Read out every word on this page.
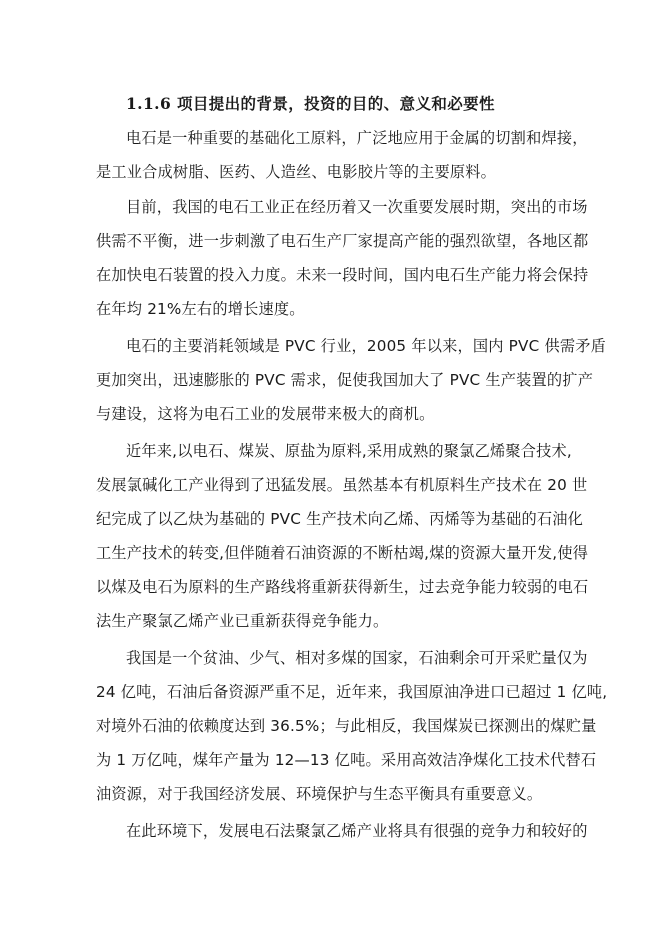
1.1.6 项目提出的背景，投资的目的、意义和必要性
电石是一种重要的基础化工原料，广泛地应用于金属的切割和焊接，
是工业合成树脂、医药、人造丝、电影胶片等的主要原料。
目前，我国的电石工业正在经历着又一次重要发展时期，突出的市场
供需不平衡，进一步刺激了电石生产厂家提高产能的强烈欲望，各地区都
在加快电石装置的投入力度。未来一段时间，国内电石生产能力将会保持
在年均 21%左右的增长速度。
电石的主要消耗领域是 PVC 行业，2005 年以来，国内 PVC 供需矛盾
更加突出，迅速膨胀的 PVC 需求，促使我国加大了 PVC 生产装置的扩产
与建设，这将为电石工业的发展带来极大的商机。
近年来,以电石、煤炭、原盐为原料,采用成熟的聚氯乙烯聚合技术,
发展氯碱化工产业得到了迅猛发展。虽然基本有机原料生产技术在 20 世
纪完成了以乙炔为基础的 PVC 生产技术向乙烯、丙烯等为基础的石油化
工生产技术的转变,但伴随着石油资源的不断枯竭,煤的资源大量开发,使得
以煤及电石为原料的生产路线将重新获得新生，过去竞争能力较弱的电石
法生产聚氯乙烯产业已重新获得竞争能力。
我国是一个贫油、少气、相对多煤的国家，石油剩余可开采贮量仅为
24 亿吨，石油后备资源严重不足，近年来，我国原油净进口已超过 1 亿吨,
对境外石油的依赖度达到 36.5%；与此相反，我国煤炭已探测出的煤贮量
为 1 万亿吨，煤年产量为 12—13 亿吨。采用高效洁净煤化工技术代替石
油资源，对于我国经济发展、环境保护与生态平衡具有重要意义。
在此环境下，发展电石法聚氯乙烯产业将具有很强的竞争力和较好的
